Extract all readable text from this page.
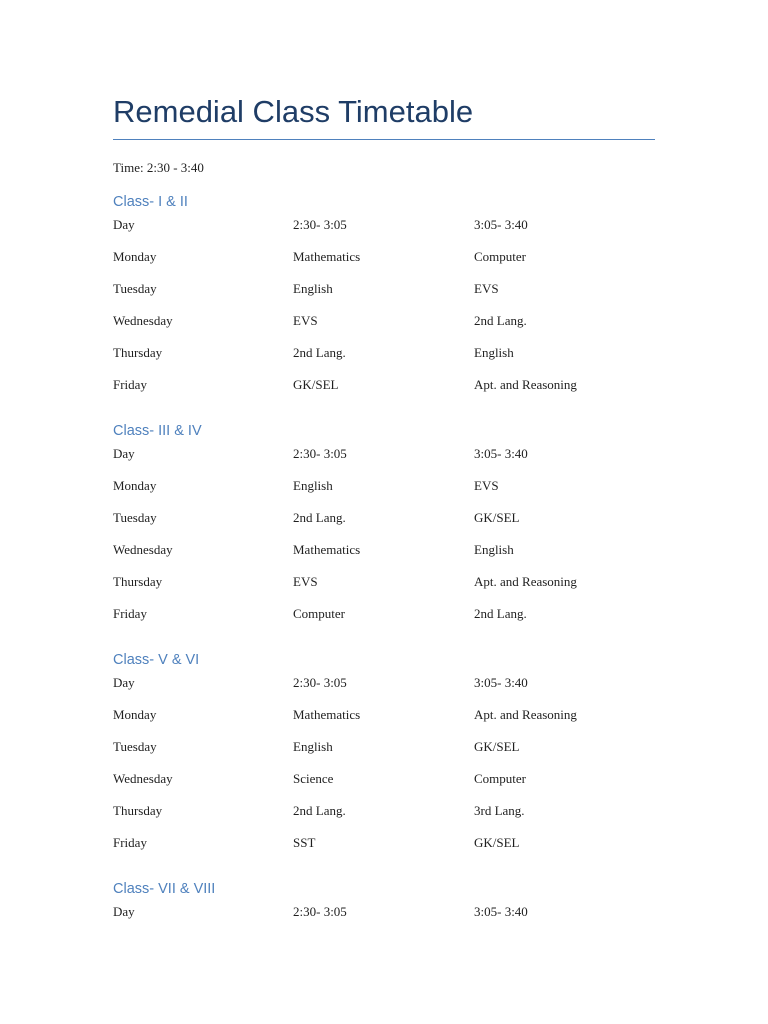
Remedial Class Timetable

Time: 2:30 - 3:40

Class- I & II
Day	2:30- 3:05	3:05- 3:40
Monday	Mathematics	Computer
Tuesday	English	EVS
Wednesday	EVS	2nd Lang.
Thursday	2nd Lang.	English
Friday	GK/SEL	Apt. and Reasoning
Class- III & IV
Day	2:30- 3:05	3:05- 3:40
Monday	English	EVS
Tuesday	2nd Lang.	GK/SEL
Wednesday	Mathematics	English
Thursday	EVS	Apt. and Reasoning
Friday	Computer	2nd Lang.
Class- V & VI
Day	2:30- 3:05	3:05- 3:40
Monday	Mathematics	Apt. and Reasoning
Tuesday	English	GK/SEL
Wednesday	Science	Computer
Thursday	2nd Lang.	3rd Lang.
Friday	SST	GK/SEL
Class- VII & VIII
Day	2:30- 3:05	3:05- 3:40
